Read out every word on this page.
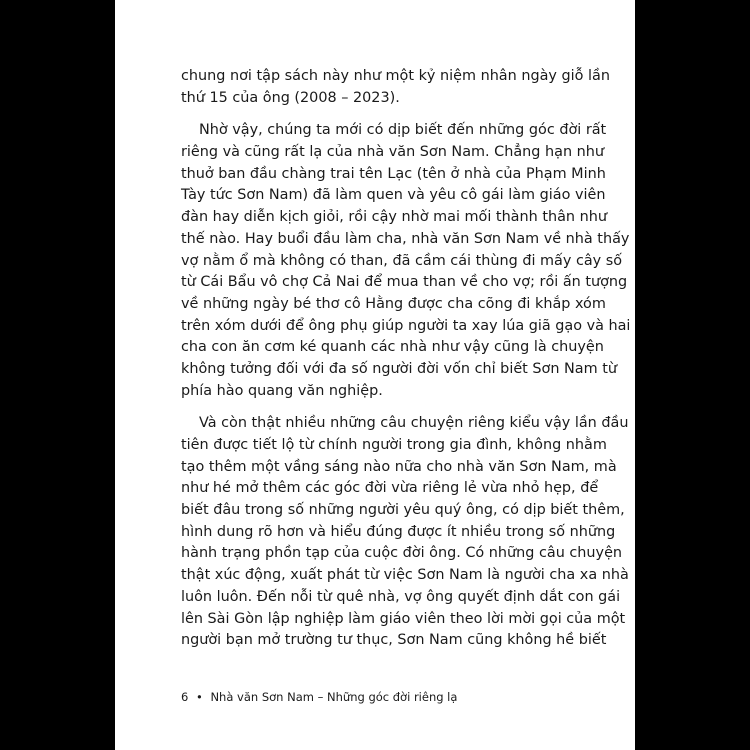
chung nơi tập sách này như một kỷ niệm nhân ngày giỗ lần
thứ 15 của ông (2008 – 2023).
Nhờ vậy, chúng ta mới có dịp biết đến những góc đời rất
riêng và cũng rất lạ của nhà văn Sơn Nam. Chẳng hạn như
thuở ban đầu chàng trai tên Lạc (tên ở nhà của Phạm Minh
Tày tức Sơn Nam) đã làm quen và yêu cô gái làm giáo viên
đàn hay diễn kịch giỏi, rồi cậy nhờ mai mối thành thân như
thế nào. Hay buổi đầu làm cha, nhà văn Sơn Nam về nhà thấy
vợ nằm ổ mà không có than, đã cầm cái thùng đi mấy cây số
từ Cái Bẩu vô chợ Cả Nai để mua than về cho vợ; rồi ấn tượng
về những ngày bé thơ cô Hằng được cha cõng đi khắp xóm
trên xóm dưới để ông phụ giúp người ta xay lúa giã gạo và hai
cha con ăn cơm ké quanh các nhà như vậy cũng là chuyện
không tưởng đối với đa số người đời vốn chỉ biết Sơn Nam từ
phía hào quang văn nghiệp.
Và còn thật nhiều những câu chuyện riêng kiểu vậy lần đầu
tiên được tiết lộ từ chính người trong gia đình, không nhằm
tạo thêm một vầng sáng nào nữa cho nhà văn Sơn Nam, mà
như hé mở thêm các góc đời vừa riêng lẻ vừa nhỏ hẹp, để
biết đâu trong số những người yêu quý ông, có dịp biết thêm,
hình dung rõ hơn và hiểu đúng được ít nhiều trong số những
hành trạng phồn tạp của cuộc đời ông. Có những câu chuyện
thật xúc động, xuất phát từ việc Sơn Nam là người cha xa nhà
luôn luôn. Đến nỗi từ quê nhà, vợ ông quyết định dắt con gái
lên Sài Gòn lập nghiệp làm giáo viên theo lời mời gọi của một
người bạn mở trường tư thục, Sơn Nam cũng không hề biết
6 • Nhà văn Sơn Nam – Những góc đời riêng lạ
